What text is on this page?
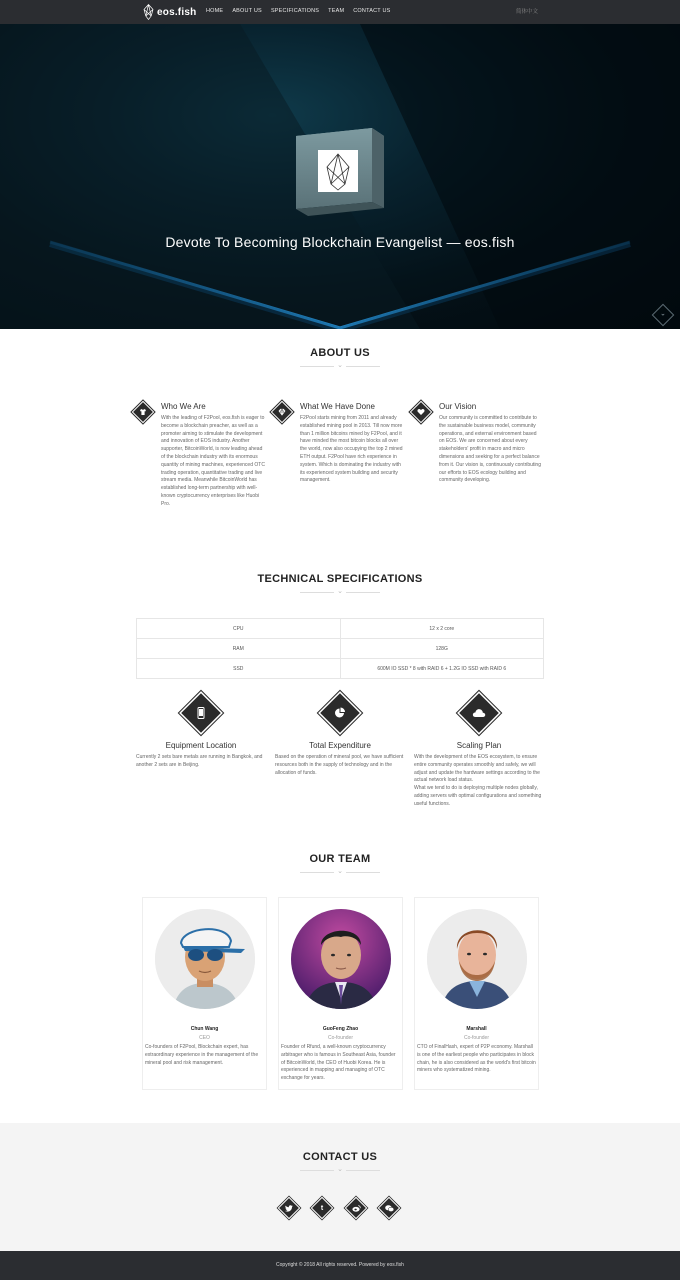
eos.fish HOME ABOUT US SPECIFICATIONS TEAM CONTACT US	简体中文
Devote To Becoming Blockchain Evangelist — eos.fish
⌄
ABOUT US
⌄
Who We Are

With the leading of F2Pool, eos.fish is eager to become a blockchain preacher, as well as a promoter aiming to stimulate the development and innovation of EOS industry. Another supporter, BitcoinWorld, is now leading ahead of the blockchain industry with its enormous quantity of mining machines, experienced OTC trading operation, quantitative trading and live stream media. Meanwhile BitcoinWorld has established long-term partnership with well-known cryptocurrency enterprises like Huobi Pro.

What We Have Done

F2Pool starts mining from 2011 and already established mining pool in 2013. Till now more than 1 million bitcoins mined by F2Pool, and it have minded the most bitcoin blocks all over the world, now also occupying the top 2 mined ETH output. F2Pool have rich experience in system. Which is dominating the industry with its experienced system building and security management.

Our Vision

Our community is committed to contribute to the sustainable business model, community operations, and external environment based on EOS. We are concerned about every stakeholders' profit in macro and micro dimensions and seeking for a perfect balance from it. Our vision is, continuously contributing our efforts to EOS ecology building and community developing.

TECHNICAL SPECIFICATIONS
⌄
CPU	12 x 2 core
RAM	128G
SSD	600M IO SSD * 8 with RAID 6 + 1.2G IO SSD with RAID 6
Equipment Location

Currently 2 sets bare metals are running in Bangkok, and another 2 sets are in Beijing.

Total Expenditure

Based on the operation of mineral pool, we have sufficient resources both in the supply of technology and in the allocation of funds.

Scaling Plan

With the development of the EOS ecosystem, to ensure entire community operates smoothly and safely, we will adjust and update the hardware settings according to the actual network load status.
What we tend to do is deploying multiple nodes globally, adding servers with optimal configurations and something useful functions.

OUR TEAM
⌄
Chun Wang
CEO
Co-founders of F2Pool, Blockchain expert, has extraordinary experience in the management of the mineral pool and risk management.
GuoFeng Zhao
Co-founder
Founder of Rfund, a well-known cryptocurrency arbitrager who is famous in Southeast Asia, founder of BitcoinWorld, the CEO of Huobi Korea. He is experienced in mapping and managing of OTC exchange for years.
Marshall
Co-founder
CTO of FinalHash, expert of P2P economy. Marshall is one of the earliest people who participates in block chain, he is also considered as the world's first bitcoin miners who systematized mining.
CONTACT US
⌄
t
Copyright © 2018 All rights reserved. Powered by eos.fish
